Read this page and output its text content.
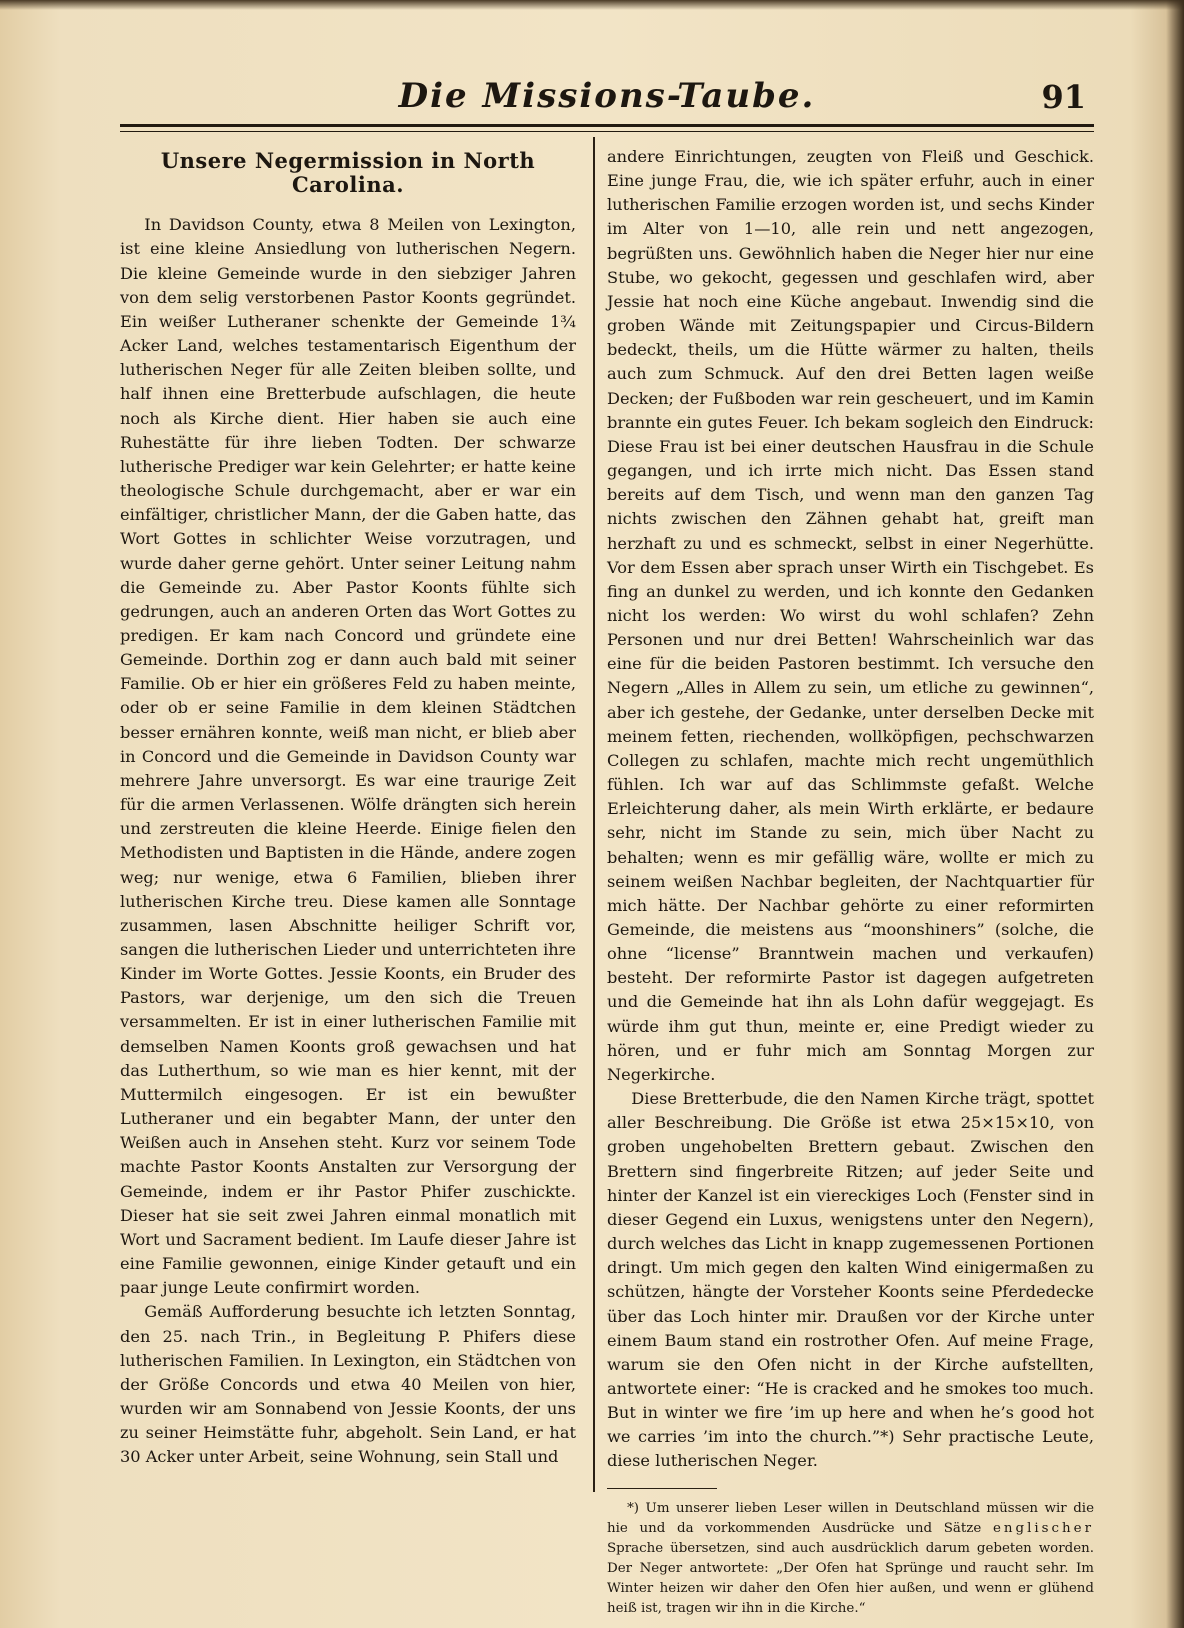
Die Missions-Taube.	91
Unsere Negermission in North Carolina.

In Davidson County, etwa 8 Meilen von Lexington, ist eine kleine Ansiedlung von lutherischen Negern. Die kleine Gemeinde wurde in den siebziger Jahren von dem selig verstorbenen Pastor Koonts gegründet. Ein weißer Lutheraner schenkte der Gemeinde 1¾ Acker Land, welches testamentarisch Eigenthum der lutherischen Neger für alle Zeiten bleiben sollte, und half ihnen eine Bretterbude aufschlagen, die heute noch als Kirche dient. Hier haben sie auch eine Ruhestätte für ihre lieben Todten. Der schwarze lutherische Prediger war kein Gelehrter; er hatte keine theologische Schule durchgemacht, aber er war ein einfältiger, christlicher Mann, der die Gaben hatte, das Wort Gottes in schlichter Weise vorzutragen, und wurde daher gerne gehört. Unter seiner Leitung nahm die Gemeinde zu. Aber Pastor Koonts fühlte sich gedrungen, auch an anderen Orten das Wort Gottes zu predigen. Er kam nach Concord und gründete eine Gemeinde. Dorthin zog er dann auch bald mit seiner Familie. Ob er hier ein größeres Feld zu haben meinte, oder ob er seine Familie in dem kleinen Städtchen besser ernähren konnte, weiß man nicht, er blieb aber in Concord und die Gemeinde in Davidson County war mehrere Jahre unversorgt. Es war eine traurige Zeit für die armen Verlassenen. Wölfe drängten sich herein und zerstreuten die kleine Heerde. Einige fielen den Methodisten und Baptisten in die Hände, andere zogen weg; nur wenige, etwa 6 Familien, blieben ihrer lutherischen Kirche treu. Diese kamen alle Sonntage zusammen, lasen Abschnitte heiliger Schrift vor, sangen die lutherischen Lieder und unterrichteten ihre Kinder im Worte Gottes. Jessie Koonts, ein Bruder des Pastors, war derjenige, um den sich die Treuen versammelten. Er ist in einer lutherischen Familie mit demselben Namen Koonts groß gewachsen und hat das Lutherthum, so wie man es hier kennt, mit der Muttermilch eingesogen. Er ist ein bewußter Lutheraner und ein begabter Mann, der unter den Weißen auch in Ansehen steht. Kurz vor seinem Tode machte Pastor Koonts Anstalten zur Versorgung der Gemeinde, indem er ihr Pastor Phifer zuschickte. Dieser hat sie seit zwei Jahren einmal monatlich mit Wort und Sacrament bedient. Im Laufe dieser Jahre ist eine Familie gewonnen, einige Kinder getauft und ein paar junge Leute confirmirt worden.

Gemäß Aufforderung besuchte ich letzten Sonntag, den 25. nach Trin., in Begleitung P. Phifers diese lutherischen Familien. In Lexington, ein Städtchen von der Größe Concords und etwa 40 Meilen von hier, wurden wir am Sonnabend von Jessie Koonts, der uns zu seiner Heimstätte fuhr, abgeholt. Sein Land, er hat 30 Acker unter Arbeit, seine Wohnung, sein Stall und

andere Einrichtungen, zeugten von Fleiß und Geschick. Eine junge Frau, die, wie ich später erfuhr, auch in einer lutherischen Familie erzogen worden ist, und sechs Kinder im Alter von 1—10, alle rein und nett angezogen, begrüßten uns. Gewöhnlich haben die Neger hier nur eine Stube, wo gekocht, gegessen und geschlafen wird, aber Jessie hat noch eine Küche angebaut. Inwendig sind die groben Wände mit Zeitungspapier und Circus-Bildern bedeckt, theils, um die Hütte wärmer zu halten, theils auch zum Schmuck. Auf den drei Betten lagen weiße Decken; der Fußboden war rein gescheuert, und im Kamin brannte ein gutes Feuer. Ich bekam sogleich den Eindruck: Diese Frau ist bei einer deutschen Hausfrau in die Schule gegangen, und ich irrte mich nicht. Das Essen stand bereits auf dem Tisch, und wenn man den ganzen Tag nichts zwischen den Zähnen gehabt hat, greift man herzhaft zu und es schmeckt, selbst in einer Negerhütte. Vor dem Essen aber sprach unser Wirth ein Tischgebet. Es fing an dunkel zu werden, und ich konnte den Gedanken nicht los werden: Wo wirst du wohl schlafen? Zehn Personen und nur drei Betten! Wahrscheinlich war das eine für die beiden Pastoren bestimmt. Ich versuche den Negern „Alles in Allem zu sein, um etliche zu gewinnen“, aber ich gestehe, der Gedanke, unter derselben Decke mit meinem fetten, riechenden, wollköpfigen, pechschwarzen Collegen zu schlafen, machte mich recht ungemüthlich fühlen. Ich war auf das Schlimmste gefaßt. Welche Erleichterung daher, als mein Wirth erklärte, er bedaure sehr, nicht im Stande zu sein, mich über Nacht zu behalten; wenn es mir gefällig wäre, wollte er mich zu seinem weißen Nachbar begleiten, der Nachtquartier für mich hätte. Der Nachbar gehörte zu einer reformirten Gemeinde, die meistens aus “moonshiners” (solche, die ohne “license” Branntwein machen und verkaufen) besteht. Der reformirte Pastor ist dagegen aufgetreten und die Gemeinde hat ihn als Lohn dafür weggejagt. Es würde ihm gut thun, meinte er, eine Predigt wieder zu hören, und er fuhr mich am Sonntag Morgen zur Negerkirche.

Diese Bretterbude, die den Namen Kirche trägt, spottet aller Beschreibung. Die Größe ist etwa 25×15×10, von groben ungehobelten Brettern gebaut. Zwischen den Brettern sind fingerbreite Ritzen; auf jeder Seite und hinter der Kanzel ist ein viereckiges Loch (Fenster sind in dieser Gegend ein Luxus, wenigstens unter den Negern), durch welches das Licht in knapp zugemessenen Portionen dringt. Um mich gegen den kalten Wind einigermaßen zu schützen, hängte der Vorsteher Koonts seine Pferdedecke über das Loch hinter mir. Draußen vor der Kirche unter einem Baum stand ein rostrother Ofen. Auf meine Frage, warum sie den Ofen nicht in der Kirche aufstellten, antwortete einer: “He is cracked and he smokes too much. But in winter we fire ’im up here and when he’s good hot we carries ’im into the church.”*) Sehr practische Leute, diese lutherischen Neger.

*) Um unserer lieben Leser willen in Deutschland müssen wir die hie und da vorkommenden Ausdrücke und Sätze englischer Sprache übersetzen, sind auch ausdrücklich darum gebeten worden. Der Neger antwortete: „Der Ofen hat Sprünge und raucht sehr. Im Winter heizen wir daher den Ofen hier außen, und wenn er glühend heiß ist, tragen wir ihn in die Kirche.“
